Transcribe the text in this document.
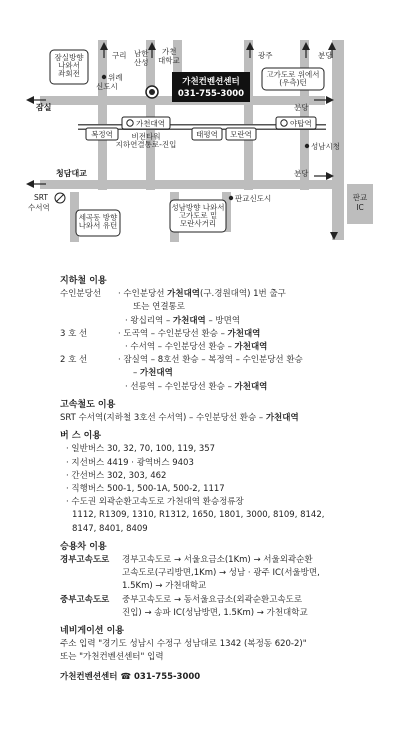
구리 남한 산성
가천 대학교
광주	분당
잠실	분당
청담대교	분당
잠실방향 나와서 좌회전	고가도로 위에서 (우측)턴
세곡동 방향 나와서 유턴
성남방향 나와서 고가도로 밑 모란사거리
위례 신도시
판교신도시
성남시청
가천컨벤션센터
031-755-3000
가천대역
비전타워 지하연결통로-진입
복정역	태평역 모란역
야탑역
SRT 수서역
판교 IC
지하철 이용
수인분당선	· 수인분당선 가천대역(구.경원대역) 1번 출구
또는 연결통로
· 왕십리역 – 가천대역 – 방면역
3 호 선	· 도곡역 – 수인분당선 환승 – 가천대역
· 수서역 – 수인분당선 환승 – 가천대역
2 호 선	· 잠실역 – 8호선 환승 – 복정역 – 수인분당선 환승
– 가천대역
· 선릉역 – 수인분당선 환승 – 가천대역
고속철도 이용
SRT 수서역(지하철 3호선 수서역) – 수인분당선 환승 – 가천대역
버 스 이용
· 일반버스 30, 32, 70, 100, 119, 357
· 지선버스 4419 · 광역버스 9403
· 간선버스 302, 303, 462
· 직행버스 500-1, 500-1A, 500-2, 1117
· 수도권 외곽순환고속도로 가천대역 환승정류장
1112, R1309, 1310, R1312, 1650, 1801, 3000, 8109, 8142,
8147, 8401, 8409
승용차 이용
경부고속도로	경부고속도로 → 서울요금소(1Km) → 서울외곽순환
고속도로(구리방면,1Km) → 성남 · 광주 IC(서울방면,
1.5Km) → 가천대학교
중부고속도로	중부고속도로 → 동서울요금소(외곽순환고속도로
진입) → 송파 IC(성남방면, 1.5Km) → 가천대학교
네비게이션 이용
주소 입력 "경기도 성남시 수정구 성남대로 1342 (복정동 620-2)"
또는 "가천컨벤션센터" 입력
가천컨벤션센터 ☎ 031-755-3000
